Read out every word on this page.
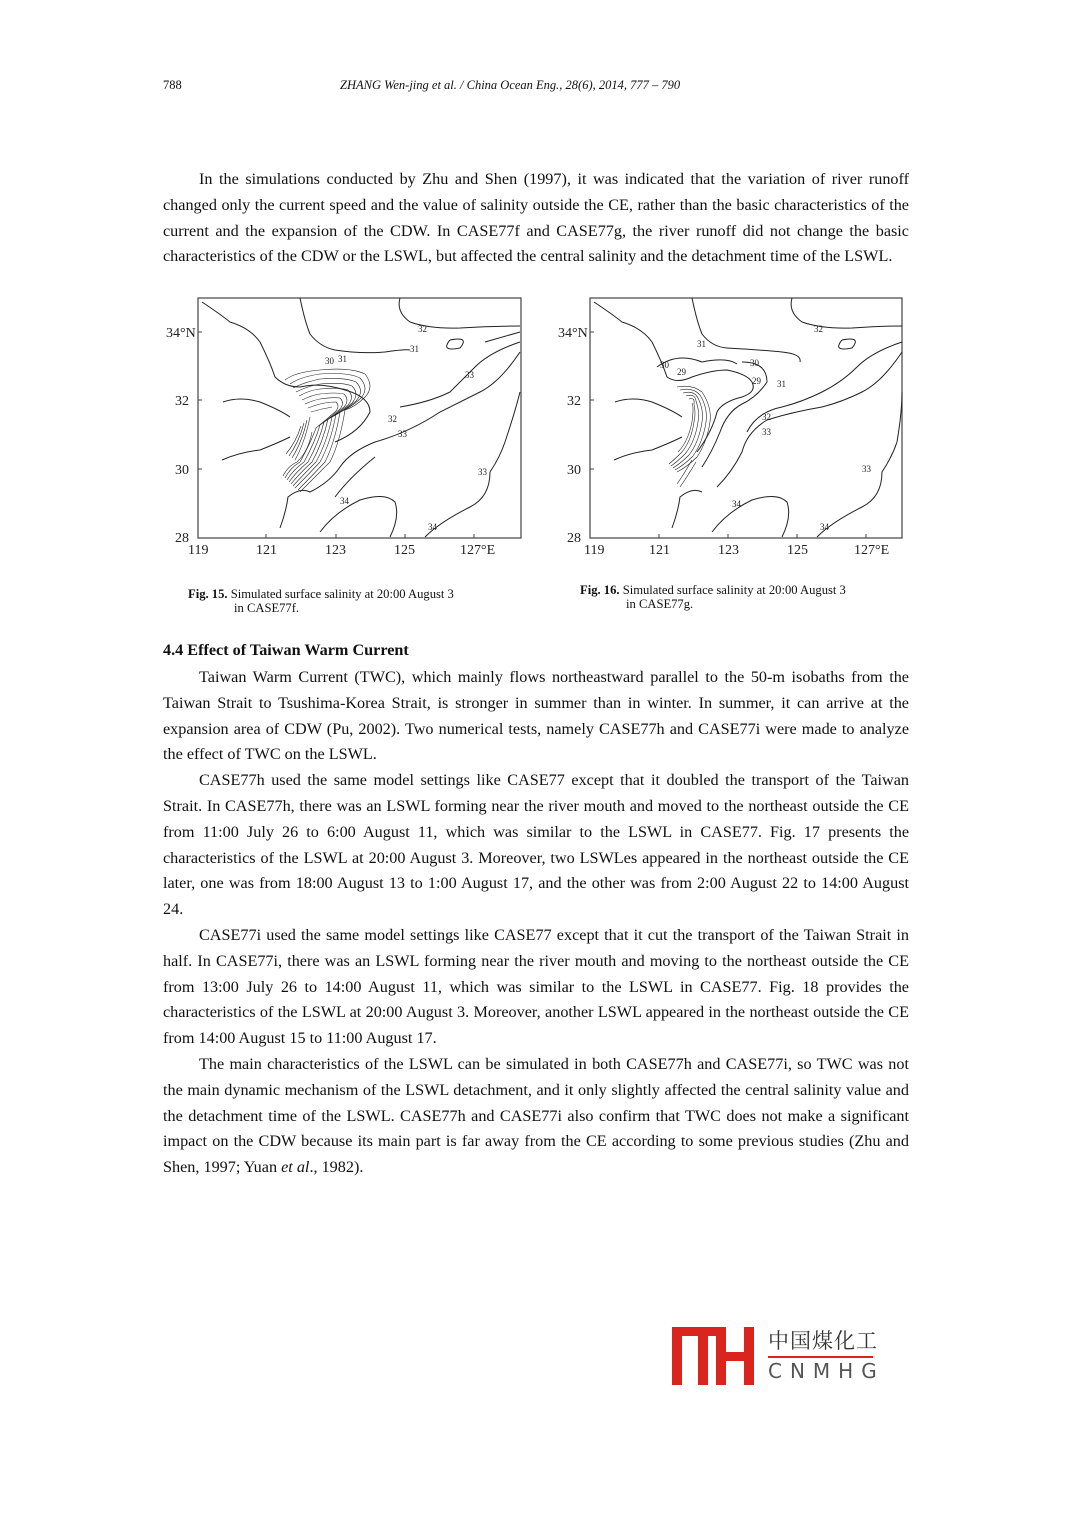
788	ZHANG Wen-jing et al. / China Ocean Eng., 28(6), 2014, 777 – 790

In the simulations conducted by Zhu and Shen (1997), it was indicated that the variation of river runoff changed only the current speed and the value of salinity outside the CE, rather than the basic characteristics of the current and the expansion of the CDW. In CASE77f and CASE77g, the river runoff did not change the basic characteristics of the CDW or the LSWL, but affected the central salinity and the detachment time of the LSWL.

30 31
31
32
32
33
33
33
34
34
34°N
32
30
28
119	121	123	125	127°E
31
30
29
30
29 31
32
32
33
33
34
34
34°N
32
30
28
119	121	123	125	127°E
Fig. 15. Simulated surface salinity at 20:00 August 3
in CASE77f.
Fig. 16. Simulated surface salinity at 20:00 August 3
in CASE77g.
4.4 Effect of Taiwan Warm Current

Taiwan Warm Current (TWC), which mainly flows northeastward parallel to the 50-m isobaths from the Taiwan Strait to Tsushima-Korea Strait, is stronger in summer than in winter. In summer, it can arrive at the expansion area of CDW (Pu, 2002). Two numerical tests, namely CASE77h and CASE77i were made to analyze the effect of TWC on the LSWL.

CASE77h used the same model settings like CASE77 except that it doubled the transport of the Taiwan Strait. In CASE77h, there was an LSWL forming near the river mouth and moved to the northeast outside the CE from 11:00 July 26 to 6:00 August 11, which was similar to the LSWL in CASE77. Fig. 17 presents the characteristics of the LSWL at 20:00 August 3. Moreover, two LSWLes appeared in the northeast outside the CE later, one was from 18:00 August 13 to 1:00 August 17, and the other was from 2:00 August 22 to 14:00 August 24.

CASE77i used the same model settings like CASE77 except that it cut the transport of the Taiwan Strait in half. In CASE77i, there was an LSWL forming near the river mouth and moving to the northeast outside the CE from 13:00 July 26 to 14:00 August 11, which was similar to the LSWL in CASE77. Fig. 18 provides the characteristics of the LSWL at 20:00 August 3. Moreover, another LSWL appeared in the northeast outside the CE from 14:00 August 15 to 11:00 August 17.

The main characteristics of the LSWL can be simulated in both CASE77h and CASE77i, so TWC was not the main dynamic mechanism of the LSWL detachment, and it only slightly affected the central salinity value and the detachment time of the LSWL. CASE77h and CASE77i also confirm that TWC does not make a significant impact on the CDW because its main part is far away from the CE according to some previous studies (Zhu and Shen, 1997; Yuan et al., 1982).

中国煤化工
CNMHG
